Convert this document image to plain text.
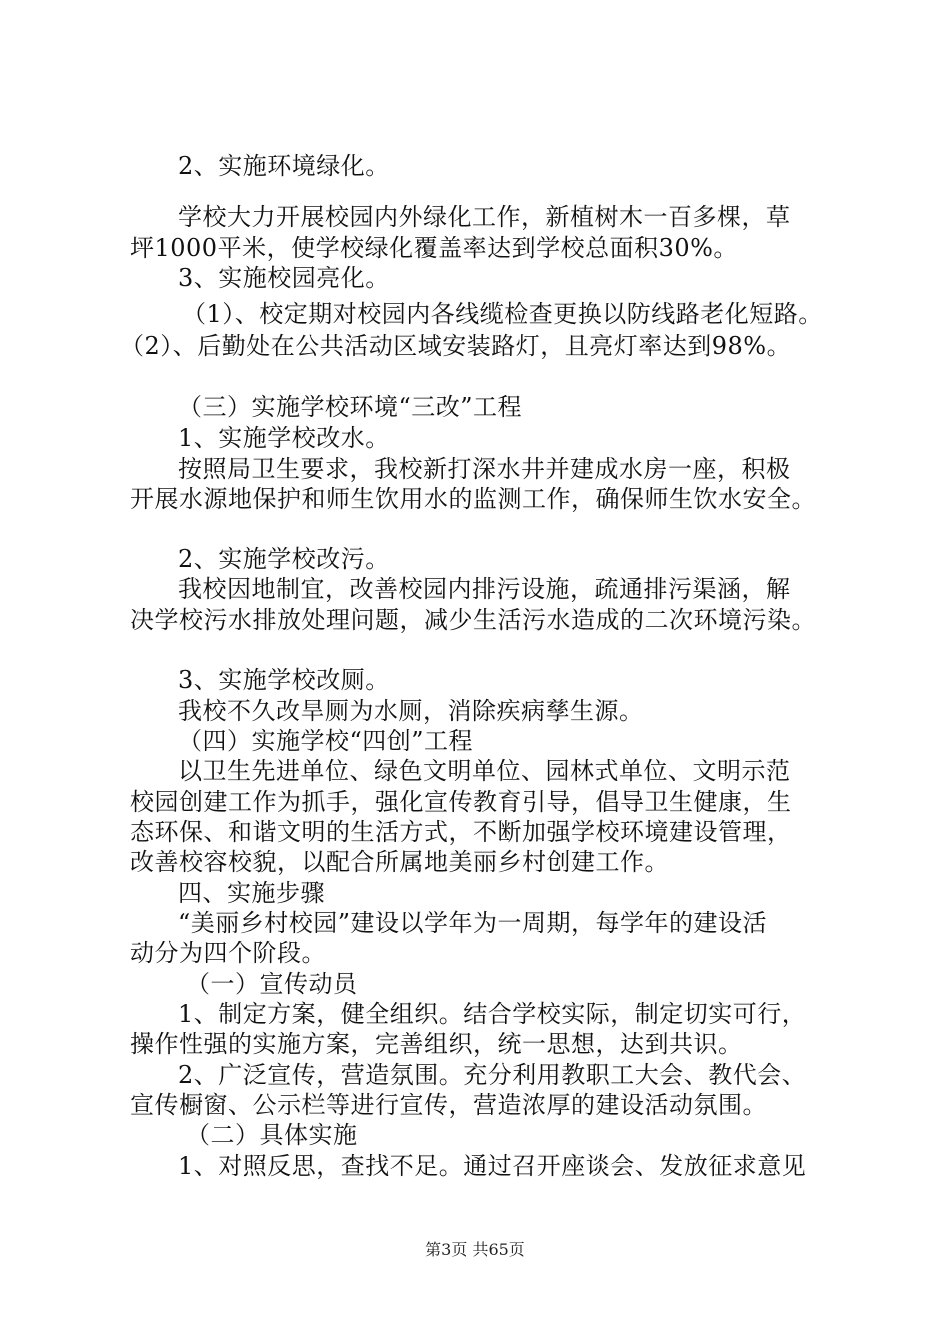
2、实施环境绿化。
学校大力开展校园内外绿化工作，新植树木一百多棵，草
坪1000平米，使学校绿化覆盖率达到学校总面积30%。
3、实施校园亮化。
（1）、校定期对校园内各线缆检查更换以防线路老化短路。
（2）、后勤处在公共活动区域安装路灯，且亮灯率达到98%。
（三）实施学校环境“三改”工程
1、实施学校改水。
按照局卫生要求，我校新打深水井并建成水房一座，积极
开展水源地保护和师生饮用水的监测工作，确保师生饮水安全。
2、实施学校改污。
我校因地制宜，改善校园内排污设施，疏通排污渠涵，解
决学校污水排放处理问题，减少生活污水造成的二次环境污染。
3、实施学校改厕。
我校不久改旱厕为水厕，消除疾病孳生源。
（四）实施学校“四创”工程
以卫生先进单位、绿色文明单位、园林式单位、文明示范
校园创建工作为抓手，强化宣传教育引导，倡导卫生健康，生
态环保、和谐文明的生活方式，不断加强学校环境建设管理，
改善校容校貌，以配合所属地美丽乡村创建工作。
四、实施步骤
“美丽乡村校园”建设以学年为一周期，每学年的建设活
动分为四个阶段。
（一）宣传动员
1、制定方案，健全组织。结合学校实际，制定切实可行，
操作性强的实施方案，完善组织，统一思想，达到共识。
2、广泛宣传，营造氛围。充分利用教职工大会、教代会、
宣传橱窗、公示栏等进行宣传，营造浓厚的建设活动氛围。
（二）具体实施
1、对照反思，查找不足。通过召开座谈会、发放征求意见
第3页 共65页
